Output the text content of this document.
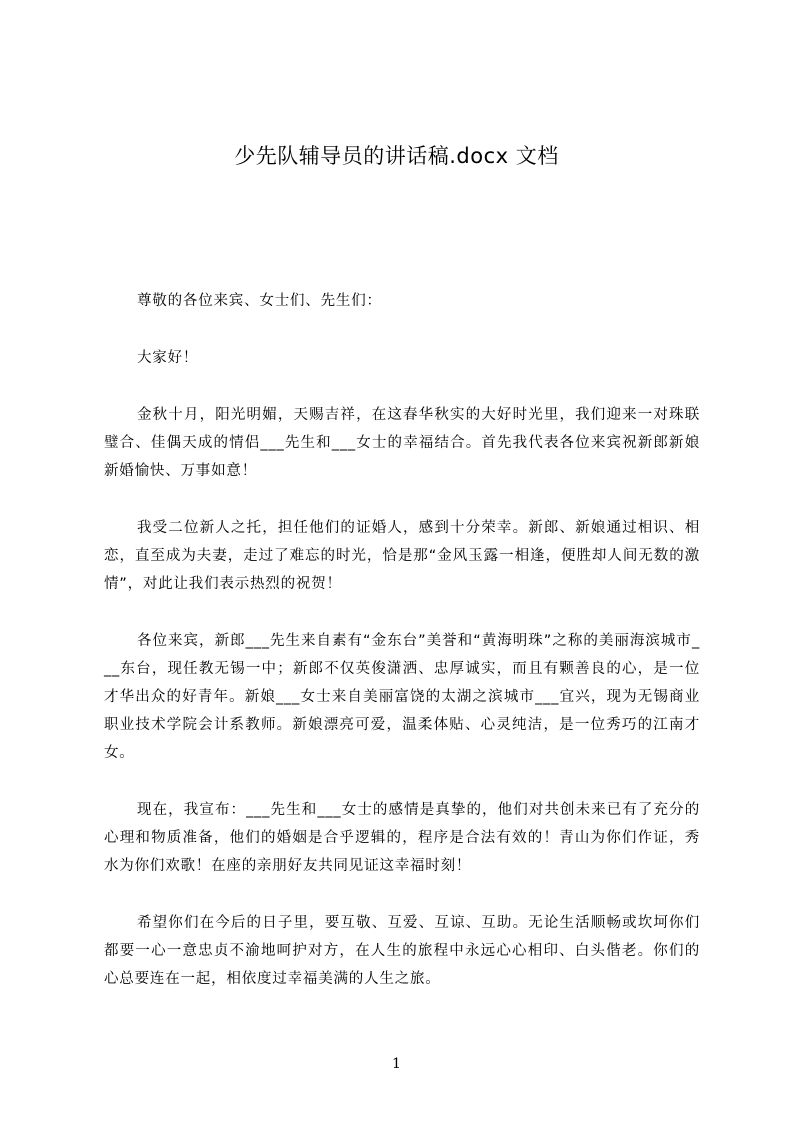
少先队辅导员的讲话稿.docx 文档

尊敬的各位来宾、女士们、先生们：

大家好！

金秋十月，阳光明媚，天赐吉祥，在这春华秋实的大好时光里，我们迎来一对珠联璧合、佳偶天成的情侣___先生和___女士的幸福结合。首先我代表各位来宾祝新郎新娘新婚愉快、万事如意！

我受二位新人之托，担任他们的证婚人，感到十分荣幸。新郎、新娘通过相识、相恋，直至成为夫妻，走过了难忘的时光，恰是那“金风玉露一相逢，便胜却人间无数的激情”，对此让我们表示热烈的祝贺！

各位来宾，新郎___先生来自素有“金东台”美誉和“黄海明珠”之称的美丽海滨城市___东台，现任教无锡一中；新郎不仅英俊潇洒、忠厚诚实，而且有颗善良的心，是一位才华出众的好青年。新娘___女士来自美丽富饶的太湖之滨城市___宜兴，现为无锡商业职业技术学院会计系教师。新娘漂亮可爱，温柔体贴、心灵纯洁，是一位秀巧的江南才女。

现在，我宣布：___先生和___女士的感情是真挚的，他们对共创未来已有了充分的心理和物质准备，他们的婚姻是合乎逻辑的，程序是合法有效的！青山为你们作证，秀水为你们欢歌！在座的亲朋好友共同见证这幸福时刻！

希望你们在今后的日子里，要互敬、互爱、互谅、互助。无论生活顺畅或坎坷你们都要一心一意忠贞不渝地呵护对方，在人生的旅程中永远心心相印、白头偕老。你们的心总要连在一起，相依度过幸福美满的人生之旅。

1
